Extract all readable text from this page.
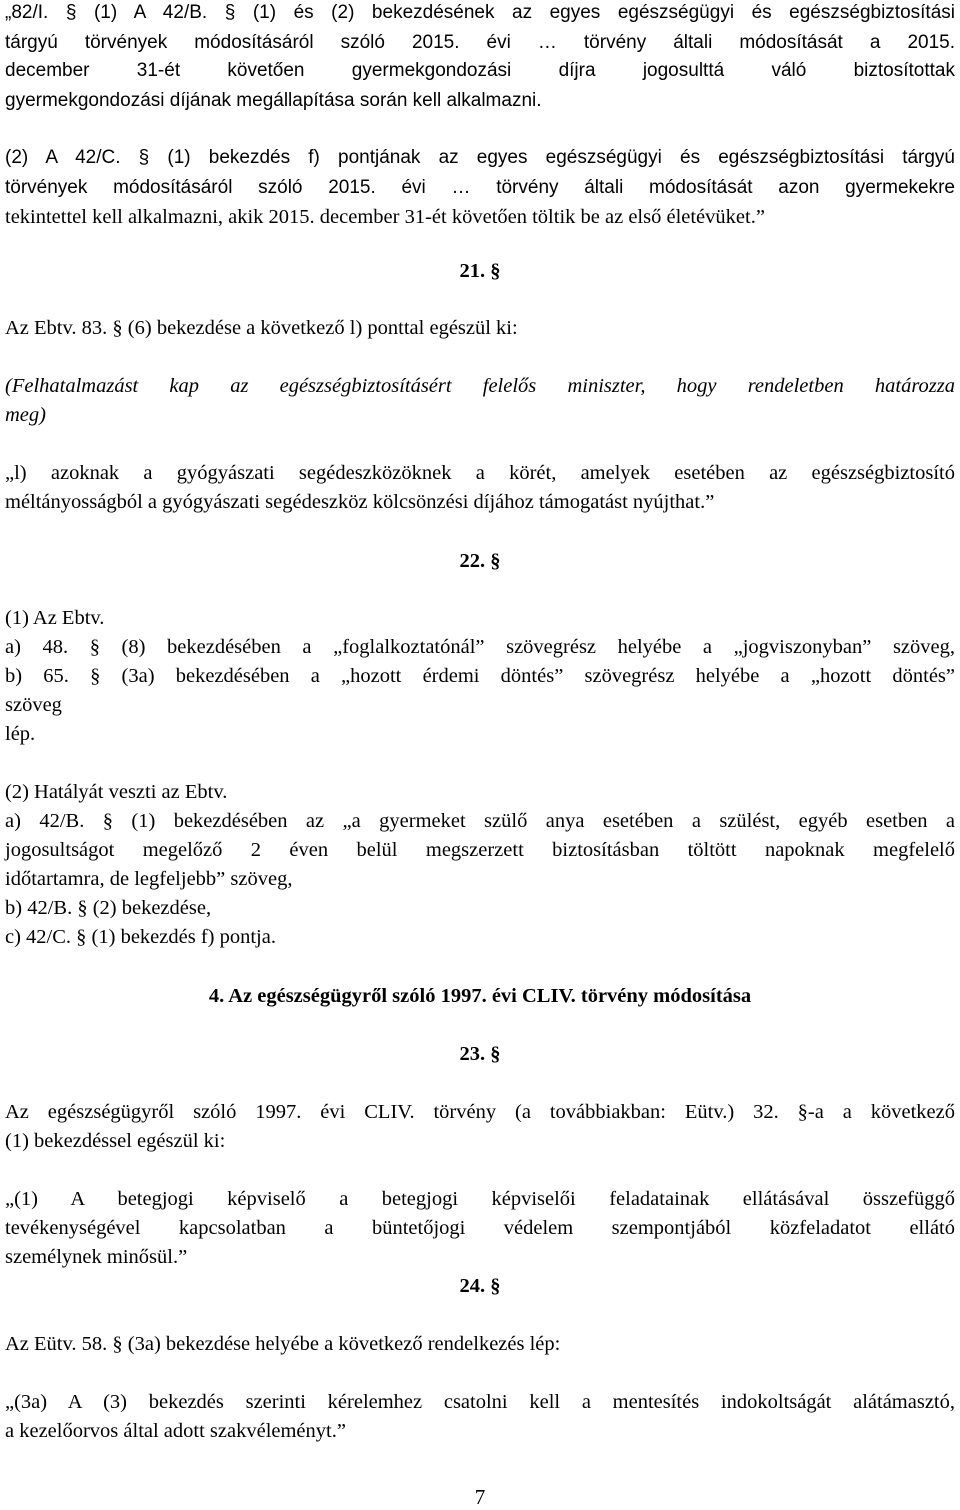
„82/I. § (1) A 42/B. § (1) és (2) bekezdésének az egyes egészségügyi és egészségbiztosítási
tárgyú törvények módosításáról szóló 2015. évi … törvény általi módosítását a 2015.
december 31-ét követően gyermekgondozási díjra jogosulttá váló biztosítottak
gyermekgondozási díjának megállapítása során kell alkalmazni.
(2) A 42/C. § (1) bekezdés f) pontjának az egyes egészségügyi és egészségbiztosítási tárgyú
törvények módosításáról szóló 2015. évi … törvény általi módosítását azon gyermekekre
tekintettel kell alkalmazni, akik 2015. december 31-ét követően töltik be az első életévüket.”
21. §
Az Ebtv. 83. § (6) bekezdése a következő l) ponttal egészül ki:
(Felhatalmazást kap az egészségbiztosításért felelős miniszter, hogy rendeletben határozza
meg)
„l) azoknak a gyógyászati segédeszközöknek a körét, amelyek esetében az egészségbiztosító
méltányosságból a gyógyászati segédeszköz kölcsönzési díjához támogatást nyújthat.”
22. §
(1) Az Ebtv.
a) 48. § (8) bekezdésében a „foglalkoztatónál” szövegrész helyébe a „jogviszonyban” szöveg,
b) 65. § (3a) bekezdésében a „hozott érdemi döntés” szövegrész helyébe a „hozott döntés”
szöveg
lép.
(2) Hatályát veszti az Ebtv.
a) 42/B. § (1) bekezdésében az „a gyermeket szülő anya esetében a szülést, egyéb esetben a
jogosultságot megelőző 2 éven belül megszerzett biztosításban töltött napoknak megfelelő
időtartamra, de legfeljebb” szöveg,
b) 42/B. § (2) bekezdése,
c) 42/C. § (1) bekezdés f) pontja.
4. Az egészségügyről szóló 1997. évi CLIV. törvény módosítása
23. §
Az egészségügyről szóló 1997. évi CLIV. törvény (a továbbiakban: Eütv.) 32. §-a a következő
(1) bekezdéssel egészül ki:
„(1) A betegjogi képviselő a betegjogi képviselői feladatainak ellátásával összefüggő
tevékenységével kapcsolatban a büntetőjogi védelem szempontjából közfeladatot ellátó
személynek minősül.”
24. §
Az Eütv. 58. § (3a) bekezdése helyébe a következő rendelkezés lép:
„(3a) A (3) bekezdés szerinti kérelemhez csatolni kell a mentesítés indokoltságát alátámasztó,
a kezelőorvos által adott szakvéleményt.”
7
